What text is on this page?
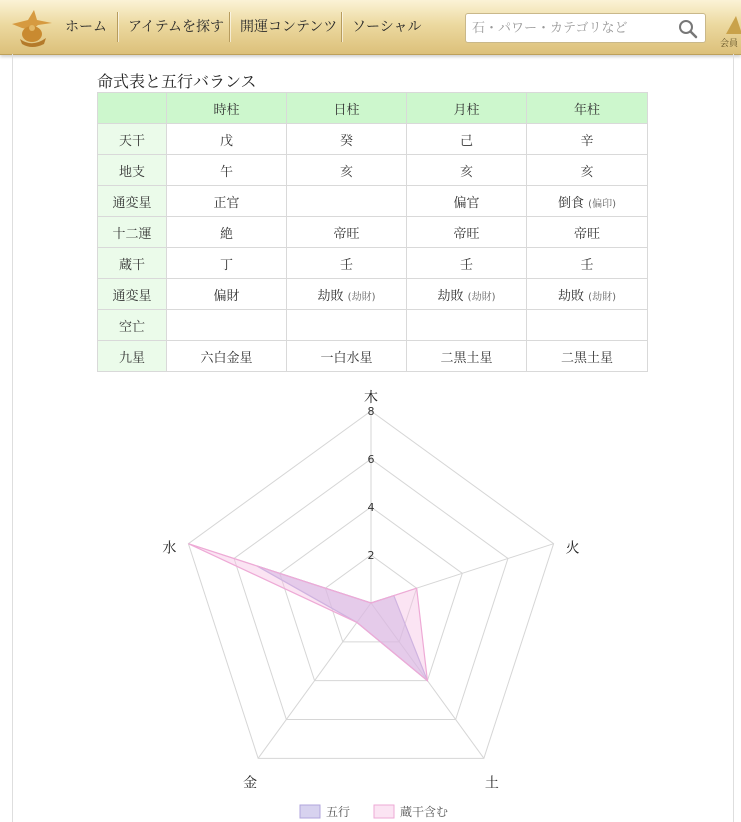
ホーム アイテムを探す 開運コンテンツ ソーシャル
石・パワー・カテゴリなど
会員
命式表と五行バランス
	時柱	日柱	月柱	年柱
天干	戊	癸	己	辛
地支	午	亥	亥	亥
通変星	正官		偏官	倒食 (偏印)
十二運	絶	帝旺	帝旺	帝旺
蔵干	丁	壬	壬	壬
通変星	偏財	劫敗 (劫財)	劫敗 (劫財)	劫敗 (劫財)
空亡				
九星	六白金星	一白水星	二黒土星	二黒土星
2
4
6
8
木
火
土
金
水
五行	蔵干含む
